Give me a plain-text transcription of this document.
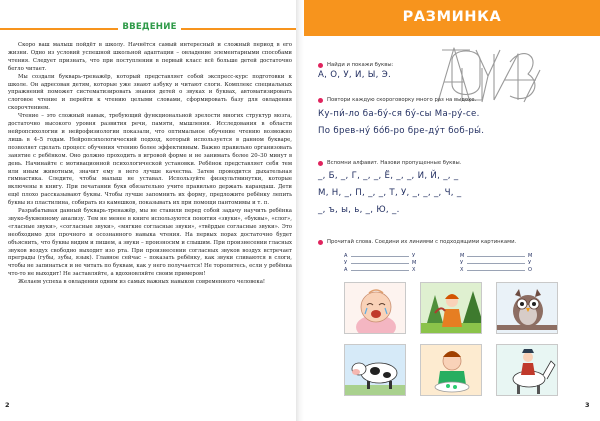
ВВЕДЕНИЕ

Скоро ваш малыш пойдёт в школу. Начнётся самый интересный и сложный период в его жизни. Одно из условий успешной школьной адаптации – овладение элементарными способами чтения. Следует признать, что при поступлении в первый класс всё больше детей достаточно бегло читает.

Мы создали букварь-тренажёр, который представляет собой экспресс-курс подготовки к школе. Он адресован детям, которые уже знают азбуку и читают слоги. Комплекс специальных упражнений поможет систематизировать знания детей о звуках и буквах, автоматизировать слоговое чтение и перейти к чтению целыми словами, сформировать базу для овладения скорочтением.

Чтение – это сложный навык, требующий функциональной зрелости многих структур мозга, достаточно высокого уровня развития речи, памяти, мышления. Исследования в области нейропсихологии и нейрофизиологии показали, что оптимальное обучение чтению возможно лишь в 4–5 годам. Нейропсихологический подход, который используется в данном букваре, позволяет сделать процесс обучения чтению более эффективным. Важно правильно организовать занятие с ребёнком. Оно должно проходить в игровой форме и не занимать более 20–30 минут в день. Начинайте с мотивационной психологической установки. Ребёнок представляет себя тем или иным животным, значит ему в него лучше качества. Затем проводится дыхательная гимнастика. Следите, чтобы малыш не уставал. Используйте физкультминутки, которые включены в книгу. При печатании букв обязательно учите правильно держать карандаш. Дети ещё плохо рассказывают буквы. Чтобы лучше запомнить их форму, предложите ребёнку лепить буквы из пластилина, собирать из камешков, показывать их при помощи пантомимы и т. п.

Разрабатывая данный букварь-тренажёр, мы не ставили перед собой задачу научить ребёнка звуко-буквенному анализу. Тем не менее в книге используются понятия «звуки», «буквы», «слог», «гласные звуки», «согласные звуки», «мягкие согласные звуки», «твёрдые согласные звуки». Это необходимо для прочного и осознанного навыка чтения. На первых порах достаточно будет объяснить, что буквы видим и пишем, а звуки – произносим и слышим. При произнесении гласных звуков воздух свободно выходит изо рта. При произнесении согласных звуков воздух встречает преграды (губы, зубы, язык). Главное сейчас – показать ребёнку, как звуки сливаются в слоги, чтобы не запинаться и не читать по буквам, как у него получается! Не торопитесь, если у ребёнка что-то не выходит! Не заставляйте, а вдохновляйте своим примером!

Желаем успеха в овладении одним из самых важных навыков современного человека!

2
РАЗМИНКА
Найди и покажи буквы:
А, О, У, И, Ы, Э.
Повтори каждую скороговорку много раз на выдохе.
Ку-пи́-ло ба-бу́-ся бу́-сы Ма-ру́-се.
По брев-ну́ бо́б-ро бре-ду́т боб-ры́.
Вспомни алфавит. Назови пропущенные буквы.
_, Б, _, Г, _, _, Ё, _, _, И, Й, _, _
М, Н, _, П, _, _, Т, У, _, _, _, Ч, _
_, ъ, ы, ь, _, Ю, _.
Прочитай слова. Соедини их линиями с подходящими картинками.
А
У
А
У
М
Х
М
У
Х
М
У
О
3
